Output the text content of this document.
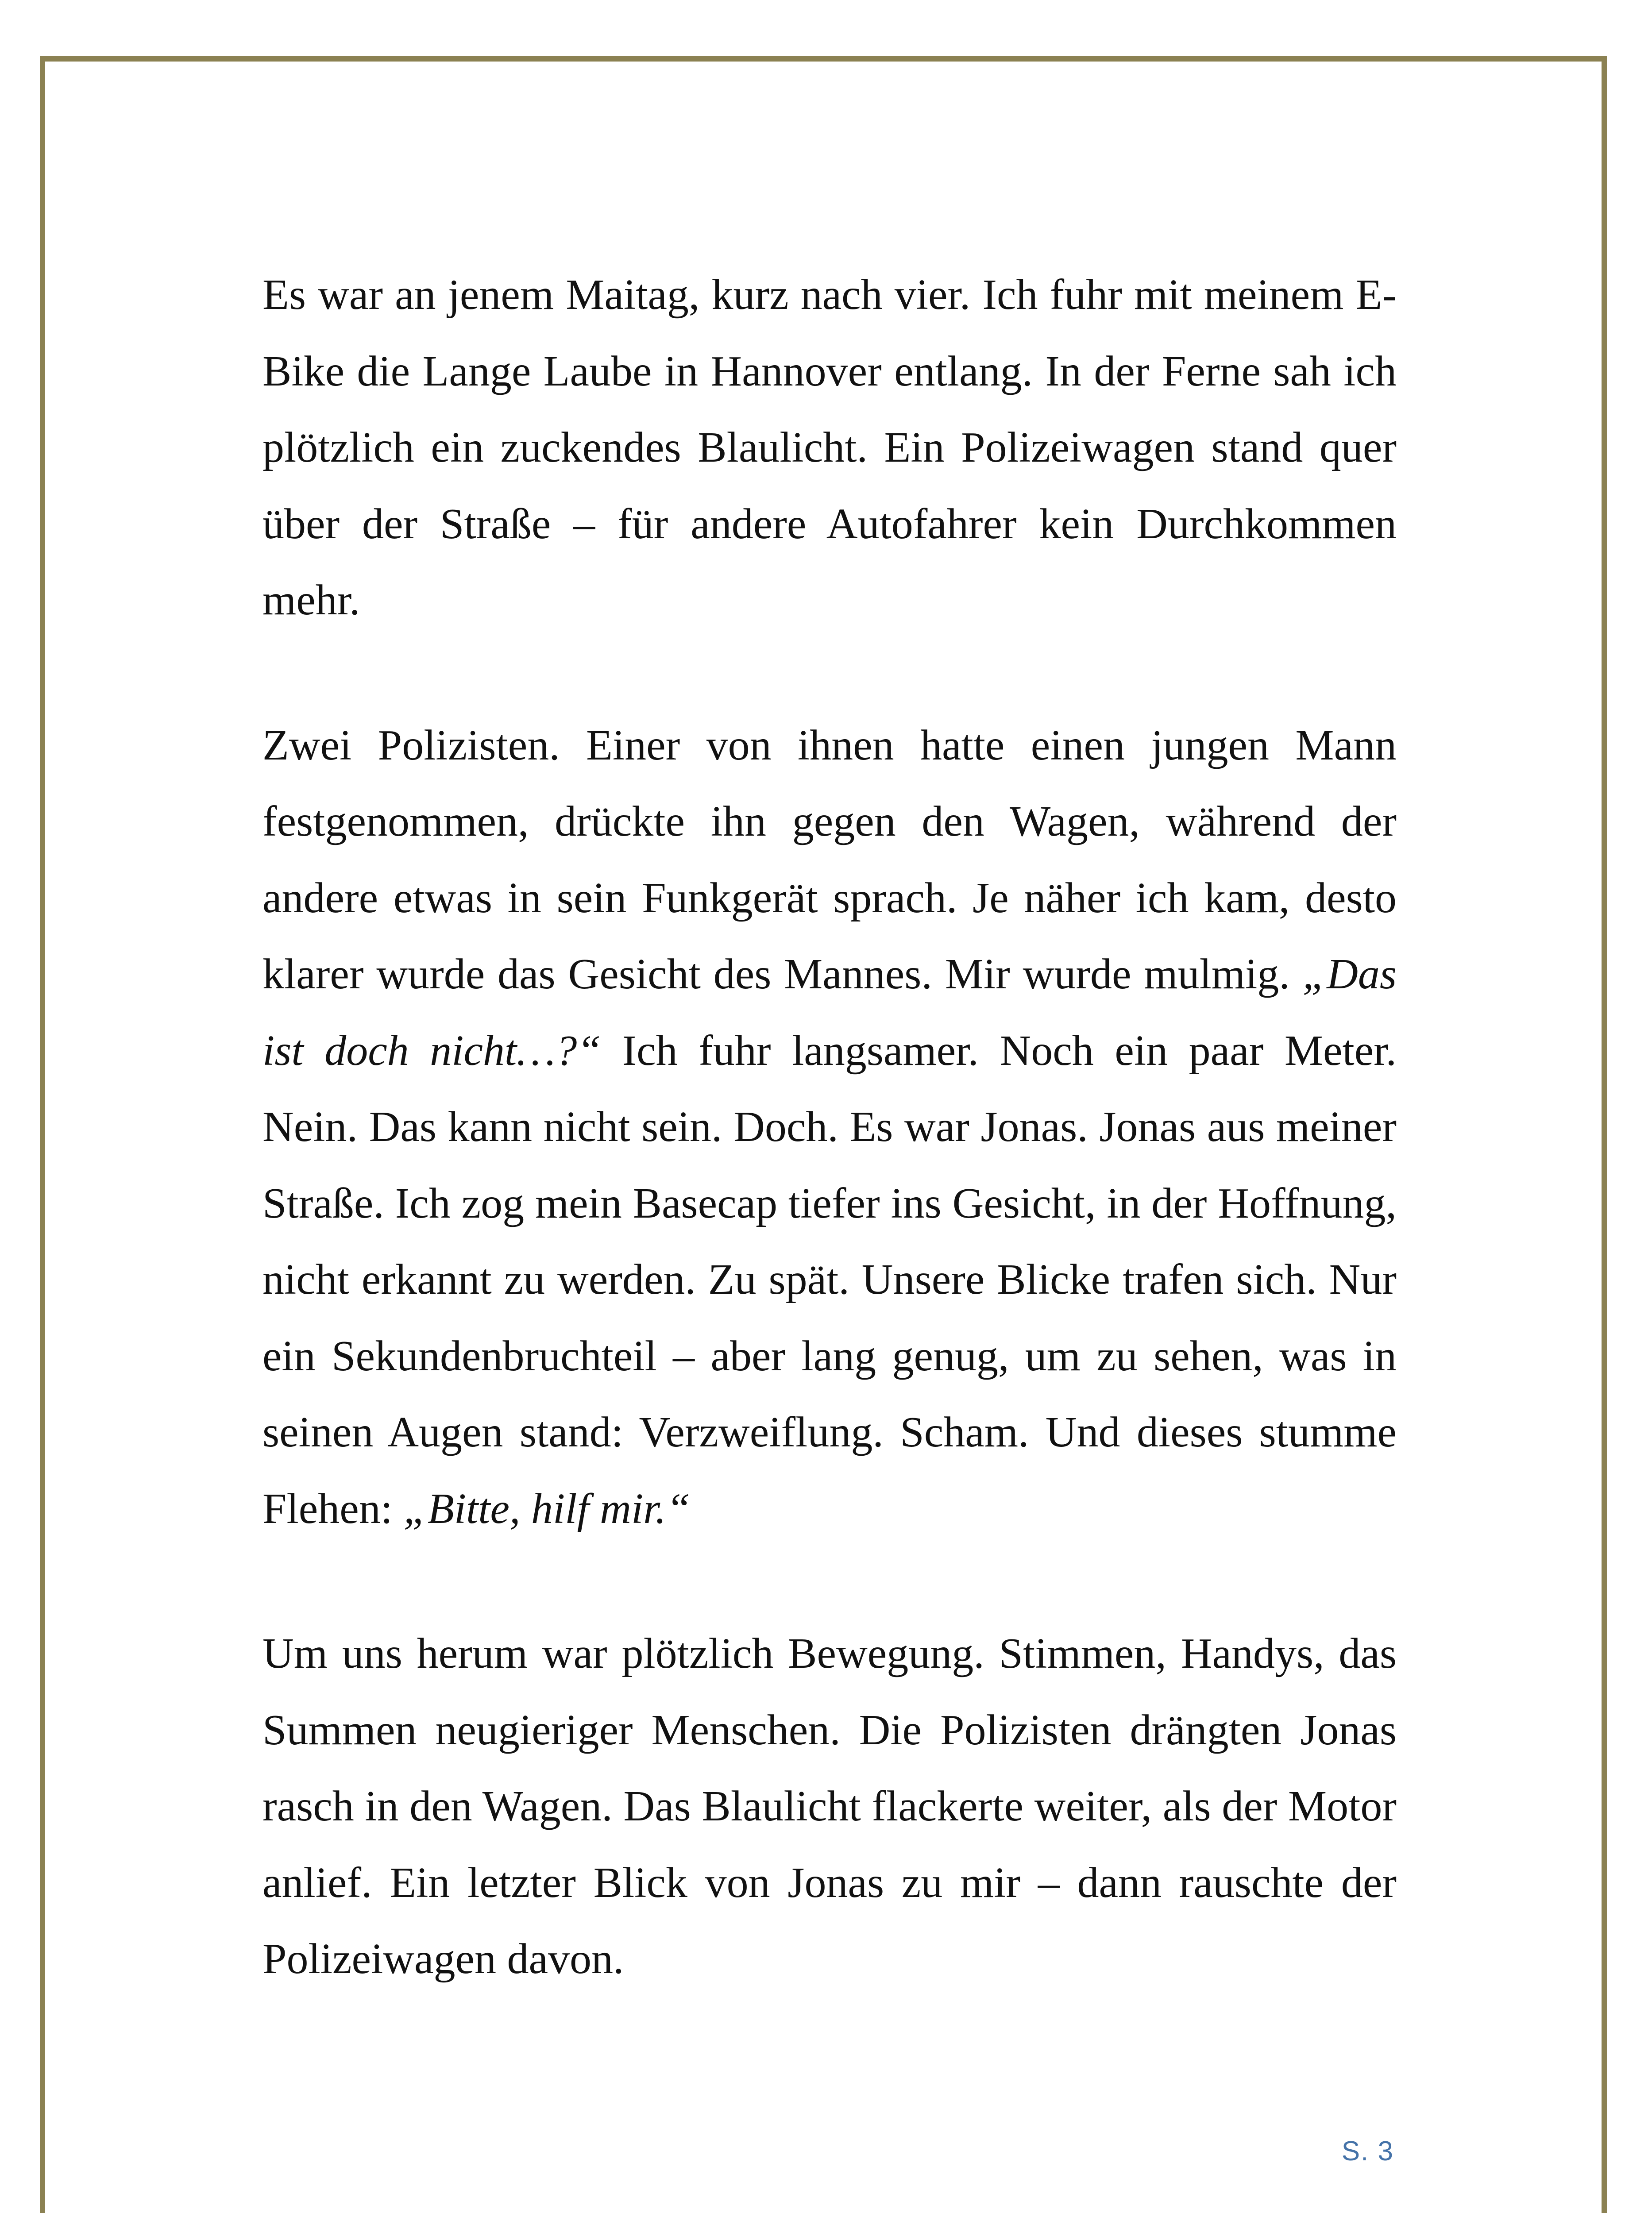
Es war an jenem Maitag, kurz nach vier. Ich fuhr mit meinem E-Bike die Lange Laube in Hannover entlang. In der Ferne sah ich plötzlich ein zuckendes Blaulicht. Ein Polizeiwagen stand quer über der Straße – für andere Autofahrer kein Durchkommen mehr.

Zwei Polizisten. Einer von ihnen hatte einen jungen Mann festgenommen, drückte ihn gegen den Wagen, während der andere etwas in sein Funkgerät sprach. Je näher ich kam, desto klarer wurde das Gesicht des Mannes. Mir wurde mulmig. „Das ist doch nicht…?“ Ich fuhr langsamer. Noch ein paar Meter. Nein. Das kann nicht sein. Doch. Es war Jonas. Jonas aus meiner Straße. Ich zog mein Basecap tiefer ins Gesicht, in der Hoffnung, nicht erkannt zu werden. Zu spät. Unsere Blicke trafen sich. Nur ein Sekundenbruchteil – aber lang genug, um zu sehen, was in seinen Augen stand: Verzweiflung. Scham. Und dieses stumme Flehen: „Bitte, hilf mir.“

Um uns herum war plötzlich Bewegung. Stimmen, Handys, das Summen neugieriger Menschen. Die Polizisten drängten Jonas rasch in den Wagen. Das Blaulicht flackerte weiter, als der Motor anlief. Ein letzter Blick von Jonas zu mir – dann rauschte der Polizeiwagen davon.

S. 3
